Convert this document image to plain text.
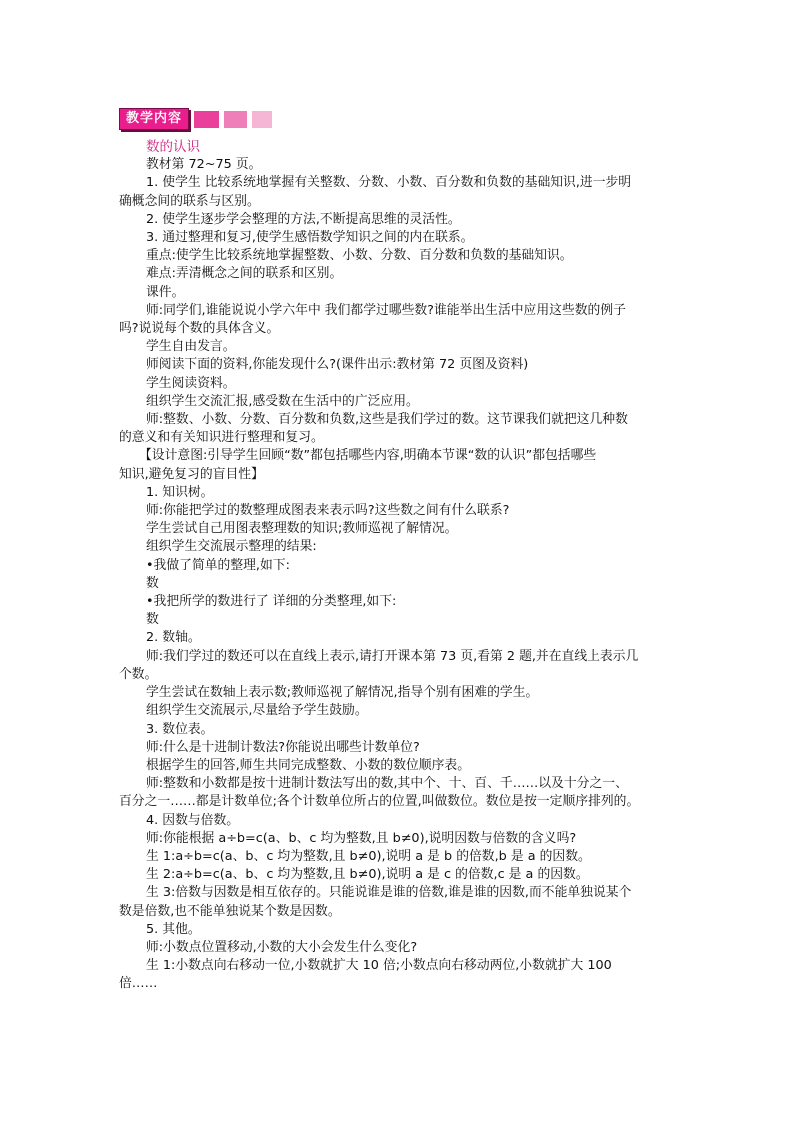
教学内容

数的认识

教材第 72~75 页。

1. 使学生 比较系统地掌握有关整数、分数、小数、百分数和负数的基础知识,进一步明

确概念间的联系与区别。

2. 使学生逐步学会整理的方法,不断提高思维的灵活性。

3. 通过整理和复习,使学生感悟数学知识之间的内在联系。

重点:使学生比较系统地掌握整数、小数、分数、百分数和负数的基础知识。

难点:弄清概念之间的联系和区别。

课件。

师:同学们,谁能说说小学六年中 我们都学过哪些数?谁能举出生活中应用这些数的例子

吗?说说每个数的具体含义。

学生自由发言。

师阅读下面的资料,你能发现什么?(课件出示:教材第 72 页图及资料)

学生阅读资料。

组织学生交流汇报,感受数在生活中的广泛应用。

师:整数、小数、分数、百分数和负数,这些是我们学过的数。这节课我们就把这几种数

的意义和有关知识进行整理和复习。

【设计意图:引导学生回顾“数”都包括哪些内容,明确本节课“数的认识”都包括哪些

知识,避免复习的盲目性】

1. 知识树。

师:你能把学过的数整理成图表来表示吗?这些数之间有什么联系?

学生尝试自己用图表整理数的知识;教师巡视了解情况。

组织学生交流展示整理的结果:

•我做了简单的整理,如下:

数

•我把所学的数进行了 详细的分类整理,如下:

数

2. 数轴。

师:我们学过的数还可以在直线上表示,请打开课本第 73 页,看第 2 题,并在直线上表示几

个数。

学生尝试在数轴上表示数;教师巡视了解情况,指导个别有困难的学生。

组织学生交流展示,尽量给予学生鼓励。

3. 数位表。

师:什么是十进制计数法?你能说出哪些计数单位?

根据学生的回答,师生共同完成整数、小数的数位顺序表。

师:整数和小数都是按十进制计数法写出的数,其中个、十、百、千……以及十分之一、

百分之一……都是计数单位;各个计数单位所占的位置,叫做数位。数位是按一定顺序排列的。

4. 因数与倍数。

师:你能根据 a÷b=c(a、b、c 均为整数,且 b≠0),说明因数与倍数的含义吗?

生 1:a÷b=c(a、b、c 均为整数,且 b≠0),说明 a 是 b 的倍数,b 是 a 的因数。

生 2:a÷b=c(a、b、c 均为整数,且 b≠0),说明 a 是 c 的倍数,c 是 a 的因数。

生 3:倍数与因数是相互依存的。只能说谁是谁的倍数,谁是谁的因数,而不能单独说某个

数是倍数,也不能单独说某个数是因数。

5. 其他。

师:小数点位置移动,小数的大小会发生什么变化?

生 1:小数点向右移动一位,小数就扩大 10 倍;小数点向右移动两位,小数就扩大 100

倍……
